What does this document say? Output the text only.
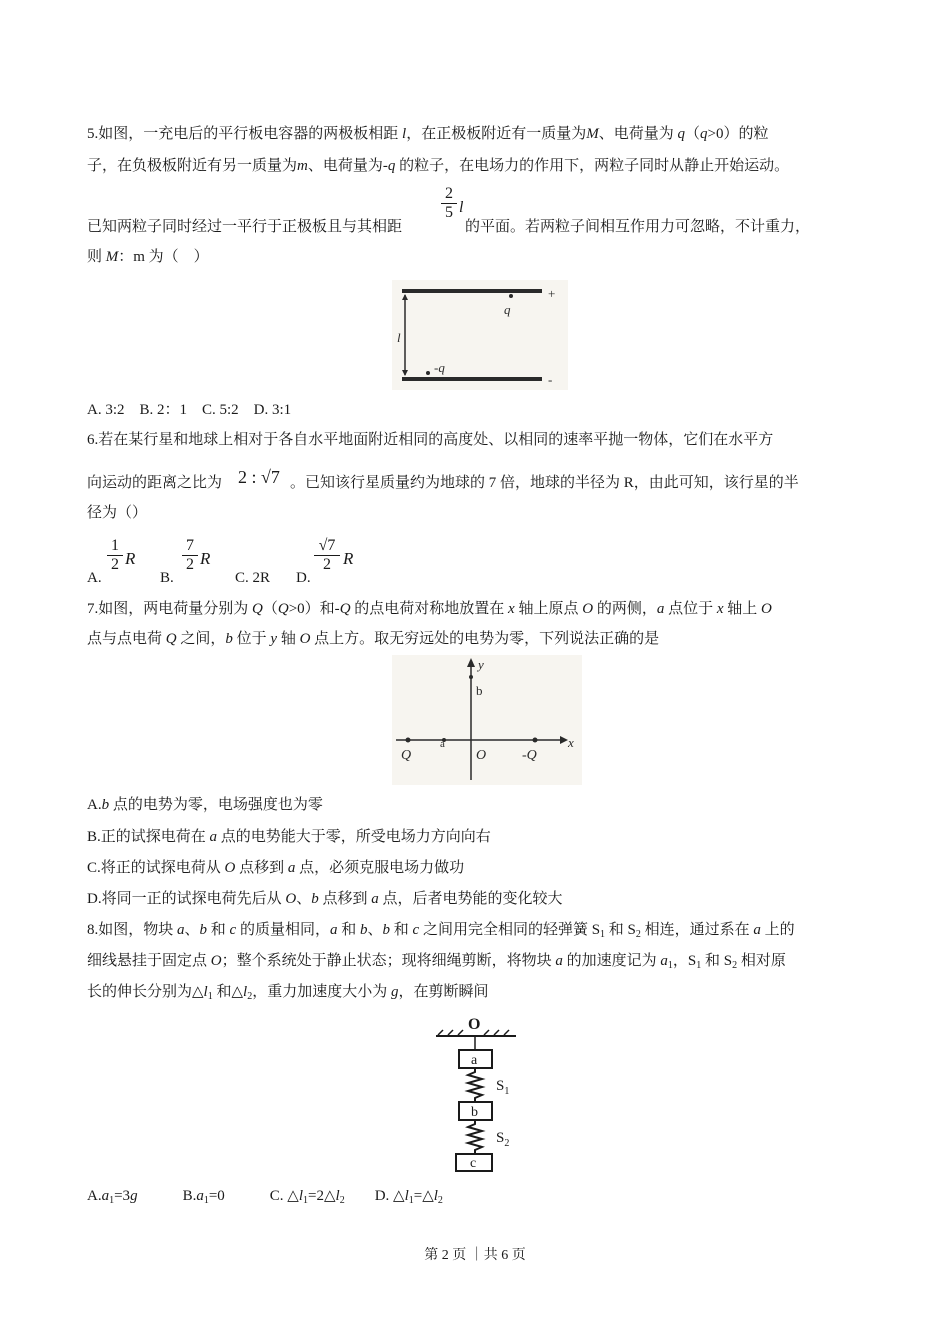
5.如图，一充电后的平行板电容器的两极板相距 l，在正极板附近有一质量为M、电荷量为 q（q>0）的粒
子，在负极板附近有另一质量为m、电荷量为-q 的粒子，在电场力的作用下，两粒子同时从静止开始运动。
已知两粒子同时经过一平行于正极板且与其相距
2
5 l
的平面。若两粒子间相互作用力可忽略，不计重力，
则 M：m 为（　）
+
-
q
l
-q
A. 3:2　B. 2：1　C. 5:2　D. 3:1
6.若在某行星和地球上相对于各自水平地面附近相同的高度处、以相同的速率平抛一物体，它们在水平方
向运动的距离之比为 2 : √7 。已知该行星质量约为地球的 7 倍，地球的半径为 R，由此可知，该行星的半
径为（）
A.
1
2 R
B.
7
2 R
C. 2R D.
√7
2 R
7.如图，两电荷量分别为 Q（Q>0）和-Q 的点电荷对称地放置在 x 轴上原点 O 的两侧，a 点位于 x 轴上 O
点与点电荷 Q 之间，b 位于 y 轴 O 点上方。取无穷远处的电势为零，下列说法正确的是
y
b
Q
a
O	-Q
x
A.b 点的电势为零，电场强度也为零
B.正的试探电荷在 a 点的电势能大于零，所受电场力方向向右
C.将正的试探电荷从 O 点移到 a 点，必须克服电场力做功
D.将同一正的试探电荷先后从 O、b 点移到 a 点，后者电势能的变化较大
8.如图，物块 a、b 和 c 的质量相同，a 和 b、b 和 c 之间用完全相同的轻弹簧 $S_1$ 和 $S_2$ 相连，通过系在 a 上的
细线悬挂于固定点 O；整个系统处于静止状态；现将细绳剪断，将物块 a 的加速度记为 $a_1$，$S_1$ 和 $S_2$ 相对原
长的伸长分别为$\triangle l_1$ 和$\triangle l_2$，重力加速度大小为 g，在剪断瞬间
O
a
$S_1$
b
$S_2$
c
$A.a_1=3g$　　　$B.a_1=0$　　　C. $\triangle l_1=2\triangle l_2$　　D. $\triangle l_1=\triangle l_2$
第 2 页 ｜共 6 页
